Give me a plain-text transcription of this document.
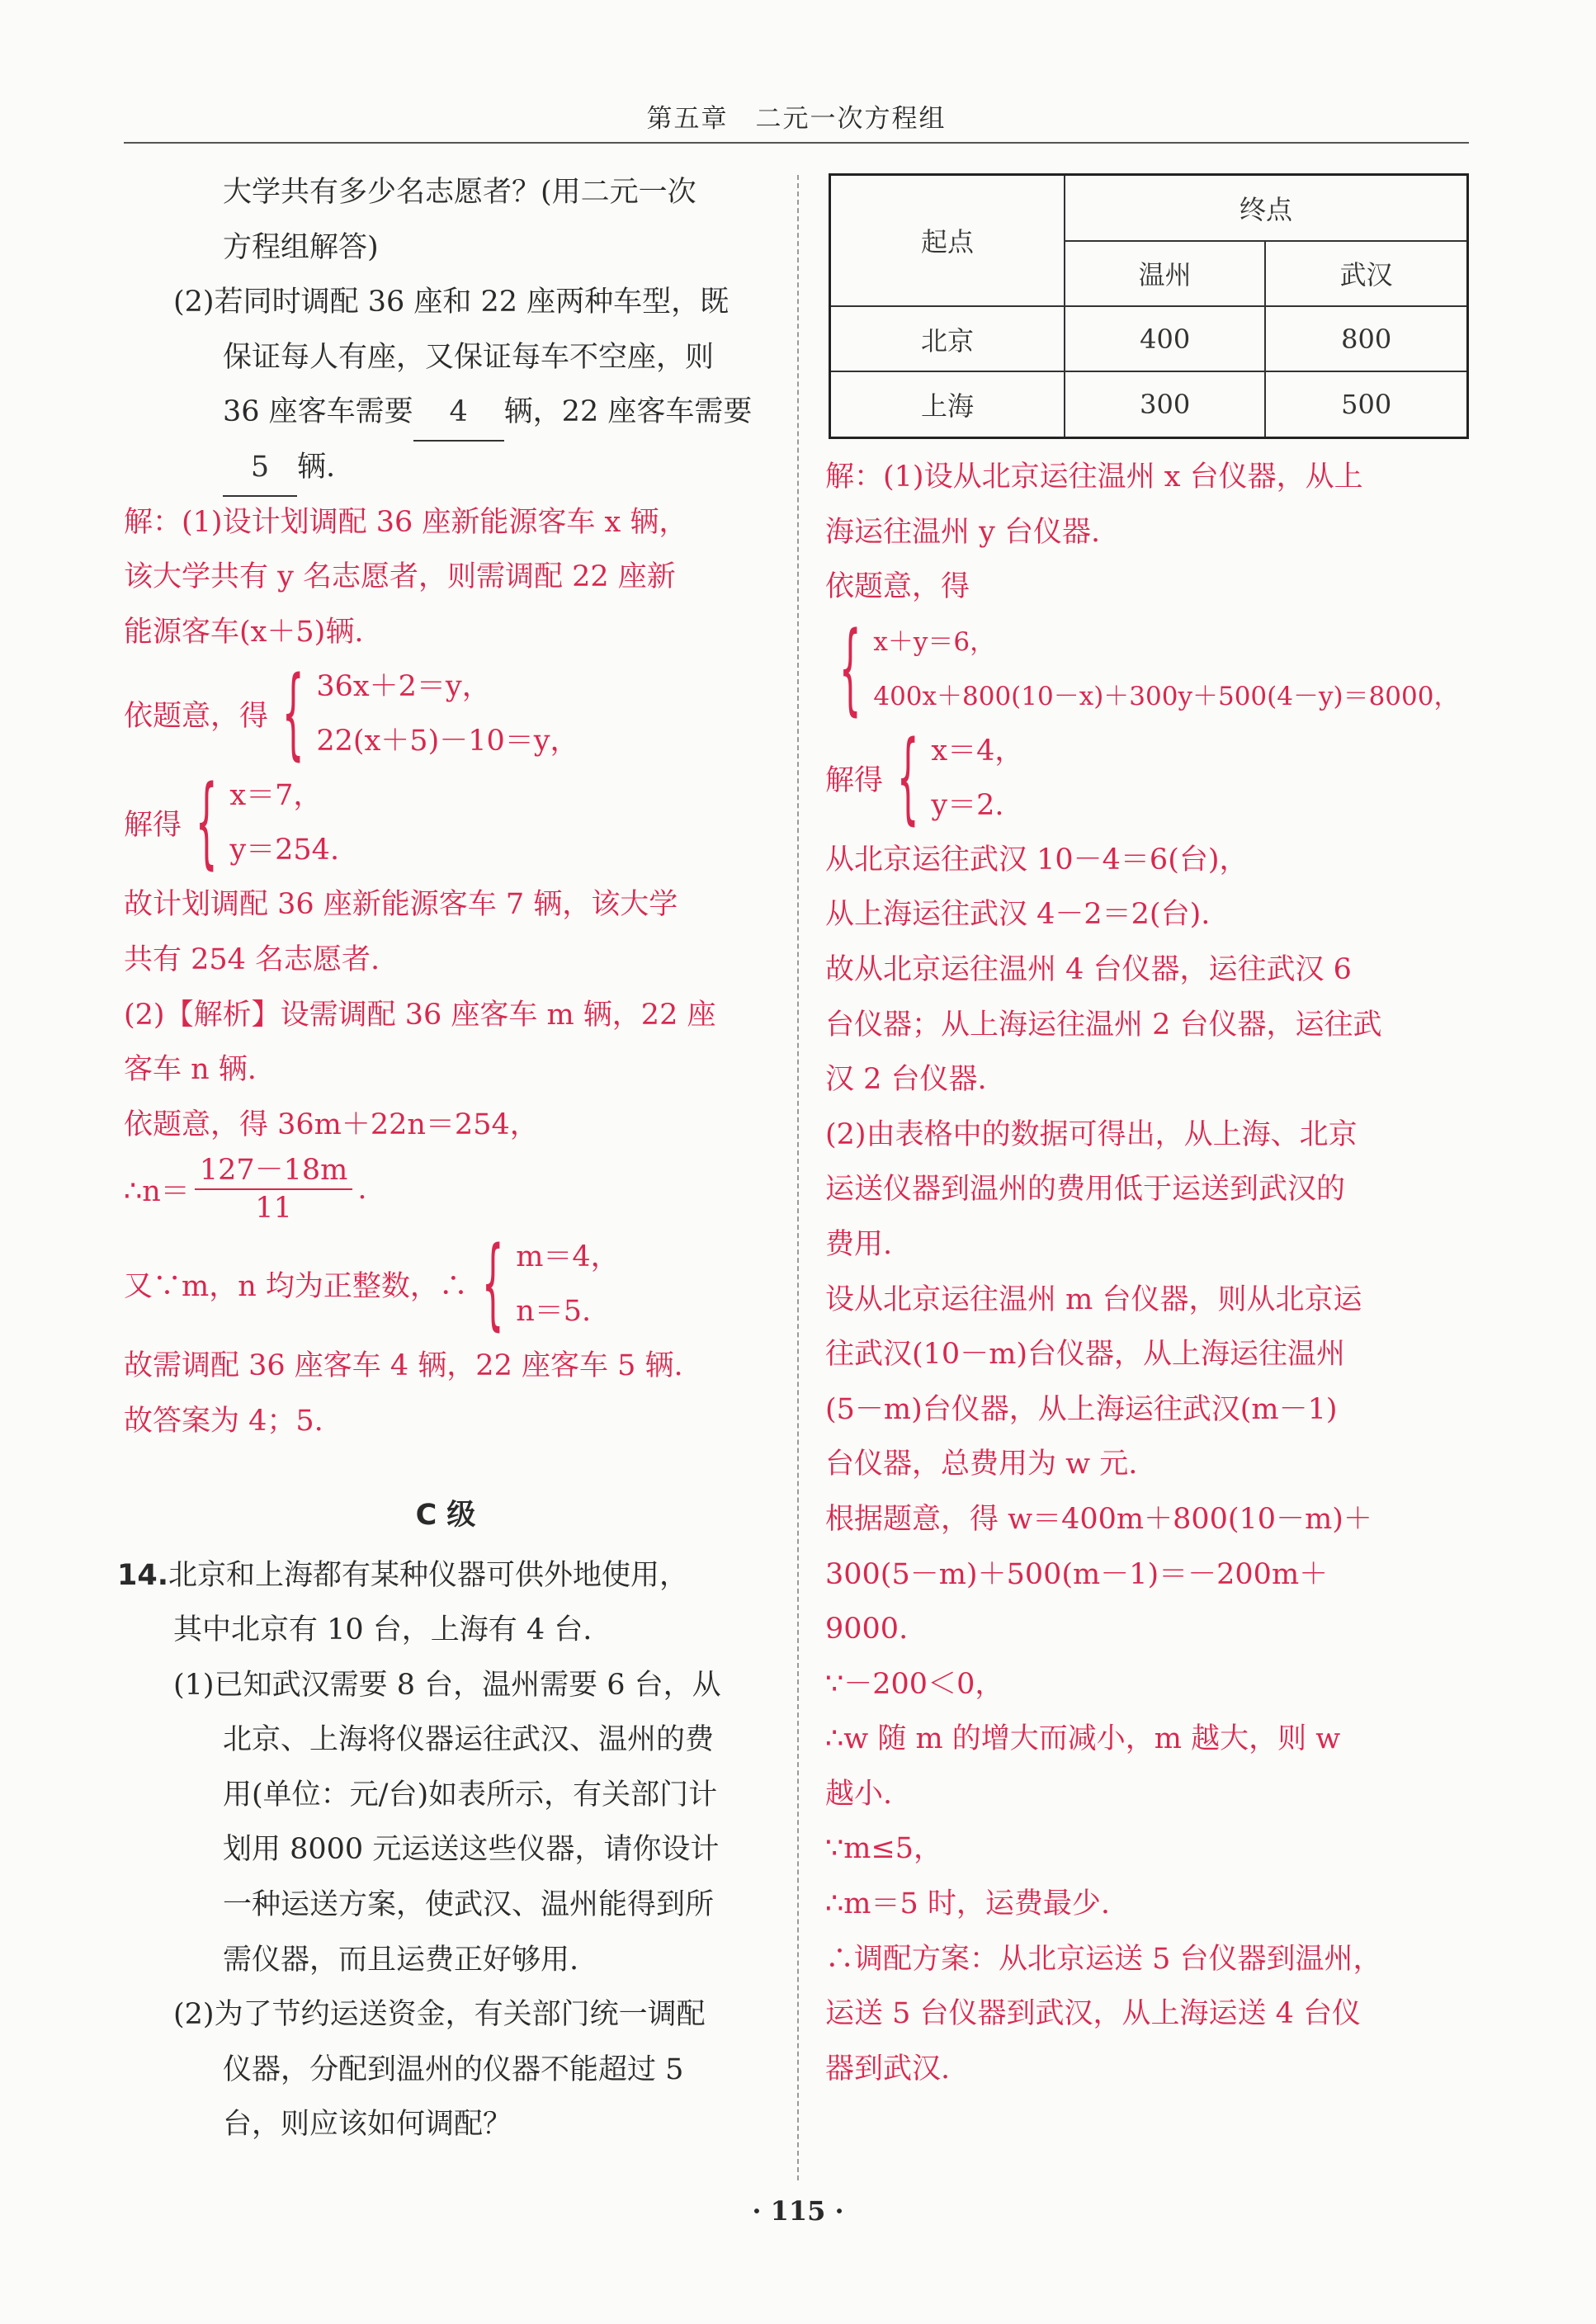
第五章　二元一次方程组
大学共有多少名志愿者？(用二元一次
方程组解答)
(2)若同时调配 36 座和 22 座两种车型，既
保证每人有座，又保证每车不空座，则
36 座客车需要 4 辆，22 座客车需要
5 辆.
解：(1)设计划调配 36 座新能源客车 x 辆，
该大学共有 y 名志愿者，则需调配 22 座新
能源客车(x＋5)辆.
依题意，得 { 36x＋2＝y，
22(x＋5)－10＝y，
解得 { x＝7，
y＝254.
故计划调配 36 座新能源客车 7 辆，该大学
共有 254 名志愿者.
(2)【解析】设需调配 36 座客车 m 辆，22 座
客车 n 辆.
依题意，得 36m＋22n＝254，
∴n＝ $\frac{127-18m}{11}$ .
又∵m，n 均为正整数，∴ { m＝4，
n＝5.
故需调配 36 座客车 4 辆，22 座客车 5 辆.
故答案为 4；5.
C 级
14.北京和上海都有某种仪器可供外地使用，
其中北京有 10 台，上海有 4 台.
(1)已知武汉需要 8 台，温州需要 6 台，从
北京、上海将仪器运往武汉、温州的费
用(单位：元/台)如表所示，有关部门计
划用 8000 元运送这些仪器，请你设计
一种运送方案，使武汉、温州能得到所
需仪器，而且运费正好够用.
(2)为了节约运送资金，有关部门统一调配
仪器，分配到温州的仪器不能超过 5
台，则应该如何调配？
起点	终点	
	温州	武汉
北京	400	800
上海	300	500
解：(1)设从北京运往温州 x 台仪器，从上
海运往温州 y 台仪器.
依题意，得
{ x＋y＝6，
400x＋800(10－x)＋300y＋500(4－y)＝8000，
解得 { x＝4，
y＝2.
从北京运往武汉 10－4＝6(台)，
从上海运往武汉 4－2＝2(台).
故从北京运往温州 4 台仪器，运往武汉 6
台仪器；从上海运往温州 2 台仪器，运往武
汉 2 台仪器.
(2)由表格中的数据可得出，从上海、北京
运送仪器到温州的费用低于运送到武汉的
费用.
设从北京运往温州 m 台仪器，则从北京运
往武汉(10－m)台仪器，从上海运往温州
(5－m)台仪器，从上海运往武汉(m－1)
台仪器，总费用为 w 元.
根据题意，得 w＝400m＋800(10－m)＋
300(5－m)＋500(m－1)＝－200m＋
9000.
∵－200＜0，
∴w 随 m 的增大而减小，m 越大，则 w
越小.
∵m≤5，
∴m＝5 时，运费最少.
∴调配方案：从北京运送 5 台仪器到温州，
运送 5 台仪器到武汉，从上海运送 4 台仪
器到武汉.
· 115 ·
